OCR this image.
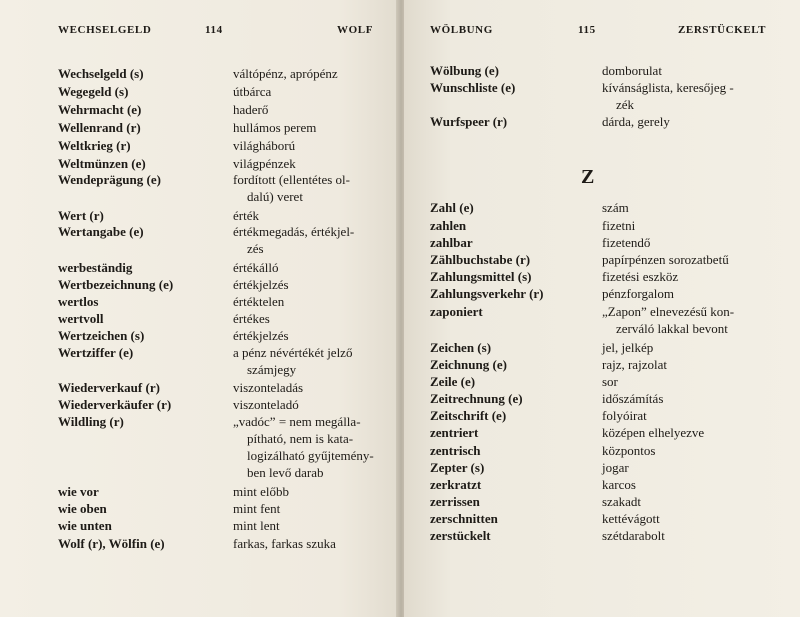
WECHSELGELD	114	WOLF
Wechselgeld (s)	váltópénz, aprópénz
Wegegeld (s)	útbárca
Wehrmacht (e)	haderő
Wellenrand (r)	hullámos perem
Weltkrieg (r)	világháború
Weltmünzen (e)	világpénzek
Wendeprägung (e)	fordított (ellentétes ol-
dalú) veret
Wert (r)	érték
Wertangabe (e)	értékmegadás, értékjel-
zés
werbeständig	értékálló
Wertbezeichnung (e)	értékjelzés
wertlos	értéktelen
wertvoll	értékes
Wertzeichen (s)	értékjelzés
Wertziffer (e)	a pénz névértékét jelző
számjegy
Wiederverkauf (r)	viszonteladás
Wiederverkäufer (r)	viszonteladó
Wildling (r)	„vadóc” = nem megálla-
pítható, nem is kata-
logizálható gyűjtemény-
ben levő darab
wie vor	mint előbb
wie oben	mint fent
wie unten	mint lent
Wolf (r), Wölfin (e)	farkas, farkas szuka
WÖLBUNG	115	ZERSTÜCKELT
Z
Wölbung (e)	domborulat
Wunschliste (e)	kívánságlista, keresőjeg -
zék
Wurfspeer (r)	dárda, gerely
Zahl (e)	szám
zahlen	fizetni
zahlbar	fizetendő
Zählbuchstabe (r)	papírpénzen sorozatbetű
Zahlungsmittel (s)	fizetési eszköz
Zahlungsverkehr (r)	pénzforgalom
zaponiert	„Zapon” elnevezésű kon-
zerváló lakkal bevont
Zeichen (s)	jel, jelkép
Zeichnung (e)	rajz, rajzolat
Zeile (e)	sor
Zeitrechnung (e)	időszámítás
Zeitschrift (e)	folyóirat
zentriert	középen elhelyezve
zentrisch	központos
Zepter (s)	jogar
zerkratzt	karcos
zerrissen	szakadt
zerschnitten	kettévágott
zerstückelt	szétdarabolt
